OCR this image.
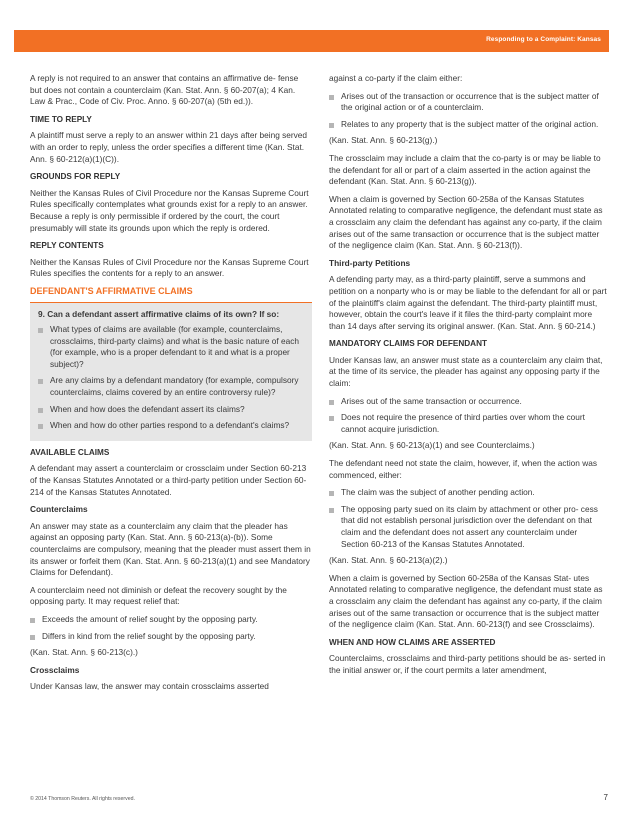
Responding to a Complaint: Kansas

A reply is not required to an answer that contains an affirmative de- fense but does not contain a counterclaim (Kan. Stat. Ann. § 60-207(a); 4 Kan. Law & Prac., Code of Civ. Proc. Anno. § 60-207(a) (5th ed.)).

TIME TO REPLY

A plaintiff must serve a reply to an answer within 21 days after being served with an order to reply, unless the order specifies a different time (Kan. Stat. Ann. § 60-212(a)(1)(C)).

GROUNDS FOR REPLY

Neither the Kansas Rules of Civil Procedure nor the Kansas Supreme Court Rules specifically contemplates what grounds exist for a reply to an answer. Because a reply is only permissible if ordered by the court, the court presumably will state its grounds upon which the reply is ordered.

REPLY CONTENTS

Neither the Kansas Rules of Civil Procedure nor the Kansas Supreme Court Rules specifies the contents for a reply to an answer.

DEFENDANT'S AFFIRMATIVE CLAIMS

9. Can a defendant assert affirmative claims of its own? If so:

What types of claims are available (for example, counterclaims, crossclaims, third-party claims) and what is the basic nature of each (for example, who is a proper defendant to it and what is a proper subject)?
Are any claims by a defendant mandatory (for example, compulsory counterclaims, claims covered by an entire controversy rule)?
When and how does the defendant assert its claims?
When and how do other parties respond to a defendant's claims?

AVAILABLE CLAIMS

A defendant may assert a counterclaim or crossclaim under Section 60-213 of the Kansas Statutes Annotated or a third-party petition under Section 60-214 of the Kansas Statutes Annotated.

Counterclaims

An answer may state as a counterclaim any claim that the pleader has against an opposing party (Kan. Stat. Ann. § 60-213(a)-(b)). Some counterclaims are compulsory, meaning that the pleader must assert them in its answer or forfeit them (Kan. Stat. Ann. § 60-213(a)(1) and see Mandatory Claims for Defendant).

A counterclaim need not diminish or defeat the recovery sought by the opposing party. It may request relief that:

Exceeds the amount of relief sought by the opposing party.
Differs in kind from the relief sought by the opposing party.

(Kan. Stat. Ann. § 60-213(c).)

Crossclaims

Under Kansas law, the answer may contain crossclaims asserted

against a co-party if the claim either:

Arises out of the transaction or occurrence that is the subject matter of the original action or of a counterclaim.
Relates to any property that is the subject matter of the original action.

(Kan. Stat. Ann. § 60-213(g).)

The crossclaim may include a claim that the co-party is or may be liable to the defendant for all or part of a claim asserted in the action against the defendant (Kan. Stat. Ann. § 60-213(g)).

When a claim is governed by Section 60-258a of the Kansas Statutes Annotated relating to comparative negligence, the defendant must state as a crossclaim any claim the defendant has against any co-party, if the claim arises out of the same transaction or occurrence that is the subject matter of the negligence claim (Kan. Stat. Ann. § 60-213(f)).

Third-party Petitions

A defending party may, as a third-party plaintiff, serve a summons and petition on a nonparty who is or may be liable to the defendant for all or part of the plaintiff's claim against the defendant. The third-party plaintiff must, however, obtain the court's leave if it files the third-party complaint more than 14 days after serving its original answer. (Kan. Stat. Ann. § 60-214.)

MANDATORY CLAIMS FOR DEFENDANT

Under Kansas law, an answer must state as a counterclaim any claim that, at the time of its service, the pleader has against any opposing party if the claim:

Arises out of the same transaction or occurrence.
Does not require the presence of third parties over whom the court cannot acquire jurisdiction.

(Kan. Stat. Ann. § 60-213(a)(1) and see Counterclaims.)

The defendant need not state the claim, however, if, when the action was commenced, either:

The claim was the subject of another pending action.
The opposing party sued on its claim by attachment or other pro- cess that did not establish personal jurisdiction over the defendant on that claim and the defendant does not assert any counterclaim under Section 60-213 of the Kansas Statutes Annotated.

(Kan. Stat. Ann. § 60-213(a)(2).)

When a claim is governed by Section 60-258a of the Kansas Stat- utes Annotated relating to comparative negligence, the defendant must state as a crossclaim any claim the defendant has against any co-party, if the claim arises out of the same transaction or occurrence that is the subject matter of the negligence claim (Kan. Stat. Ann. 60-213(f) and see Crossclaims).

WHEN AND HOW CLAIMS ARE ASSERTED

Counterclaims, crossclaims and third-party petitions should be as- serted in the initial answer or, if the court permits a later amendment,

© 2014 Thomson Reuters. All rights reserved.	7
